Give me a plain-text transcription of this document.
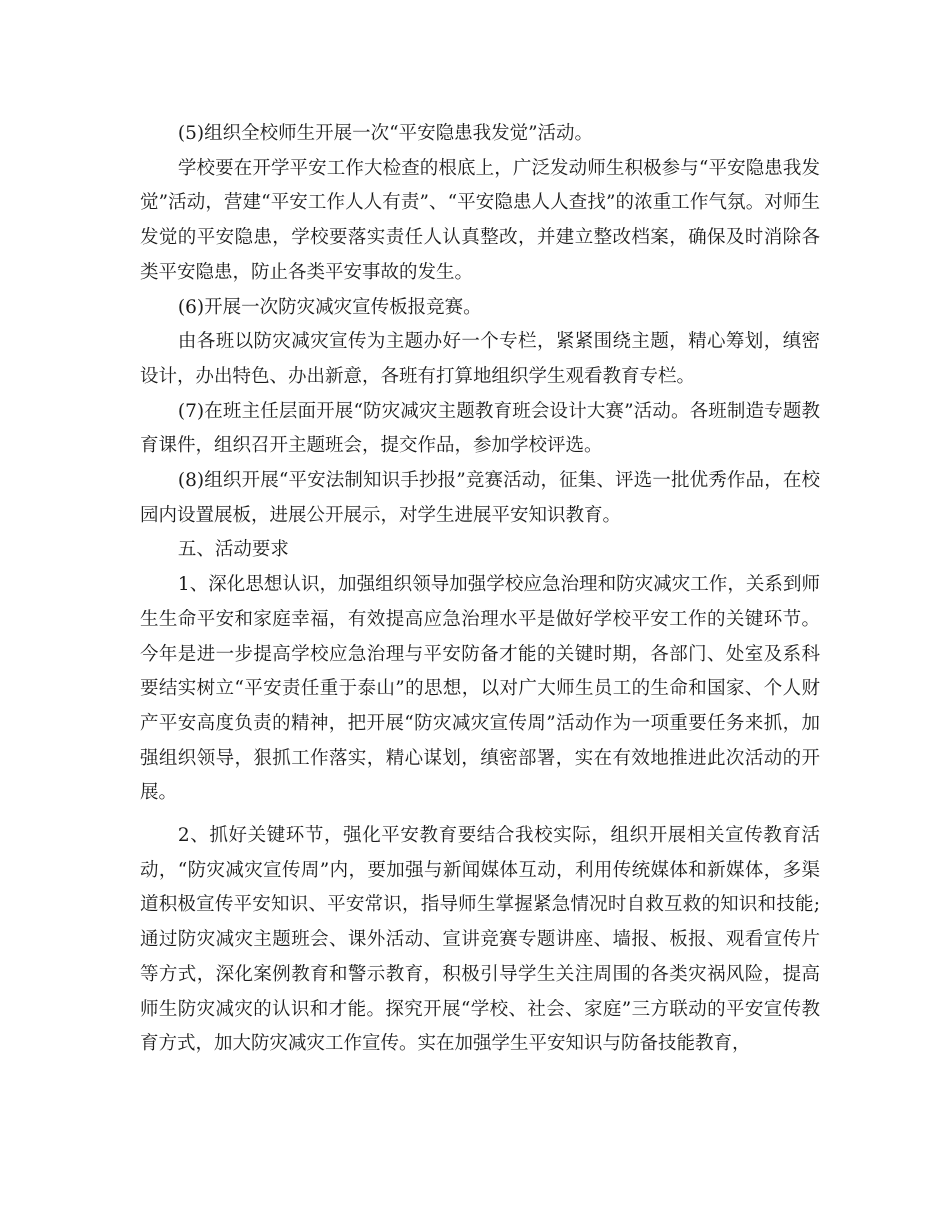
(5)组织全校师生开展一次“平安隐患我发觉”活动。

学校要在开学平安工作大检查的根底上，广泛发动师生积极参与“平安隐患我发觉”活动，营建“平安工作人人有责”、“平安隐患人人查找”的浓重工作气氛。对师生发觉的平安隐患，学校要落实责任人认真整改，并建立整改档案，确保及时消除各类平安隐患，防止各类平安事故的发生。

(6)开展一次防灾减灾宣传板报竞赛。

由各班以防灾减灾宣传为主题办好一个专栏，紧紧围绕主题，精心筹划，缜密设计，办出特色、办出新意，各班有打算地组织学生观看教育专栏。

(7)在班主任层面开展“防灾减灾主题教育班会设计大赛”活动。各班制造专题教育课件，组织召开主题班会，提交作品，参加学校评选。

(8)组织开展“平安法制知识手抄报”竞赛活动，征集、评选一批优秀作品，在校园内设置展板，进展公开展示，对学生进展平安知识教育。

五、活动要求

1、深化思想认识，加强组织领导加强学校应急治理和防灾减灾工作，关系到师生生命平安和家庭幸福，有效提高应急治理水平是做好学校平安工作的关键环节。今年是进一步提高学校应急治理与平安防备才能的关键时期，各部门、处室及系科要结实树立“平安责任重于泰山”的思想，以对广大师生员工的生命和国家、个人财产平安高度负责的精神，把开展“防灾减灾宣传周”活动作为一项重要任务来抓，加强组织领导，狠抓工作落实，精心谋划，缜密部署，实在有效地推进此次活动的开展。

2、抓好关键环节，强化平安教育要结合我校实际，组织开展相关宣传教育活动，“防灾减灾宣传周”内，要加强与新闻媒体互动，利用传统媒体和新媒体，多渠道积极宣传平安知识、平安常识，指导师生掌握紧急情况时自救互救的知识和技能;通过防灾减灾主题班会、课外活动、宣讲竞赛专题讲座、墙报、板报、观看宣传片等方式，深化案例教育和警示教育，积极引导学生关注周围的各类灾祸风险，提高师生防灾减灾的认识和才能。探究开展“学校、社会、家庭”三方联动的平安宣传教育方式，加大防灾减灾工作宣传。实在加强学生平安知识与防备技能教育，
